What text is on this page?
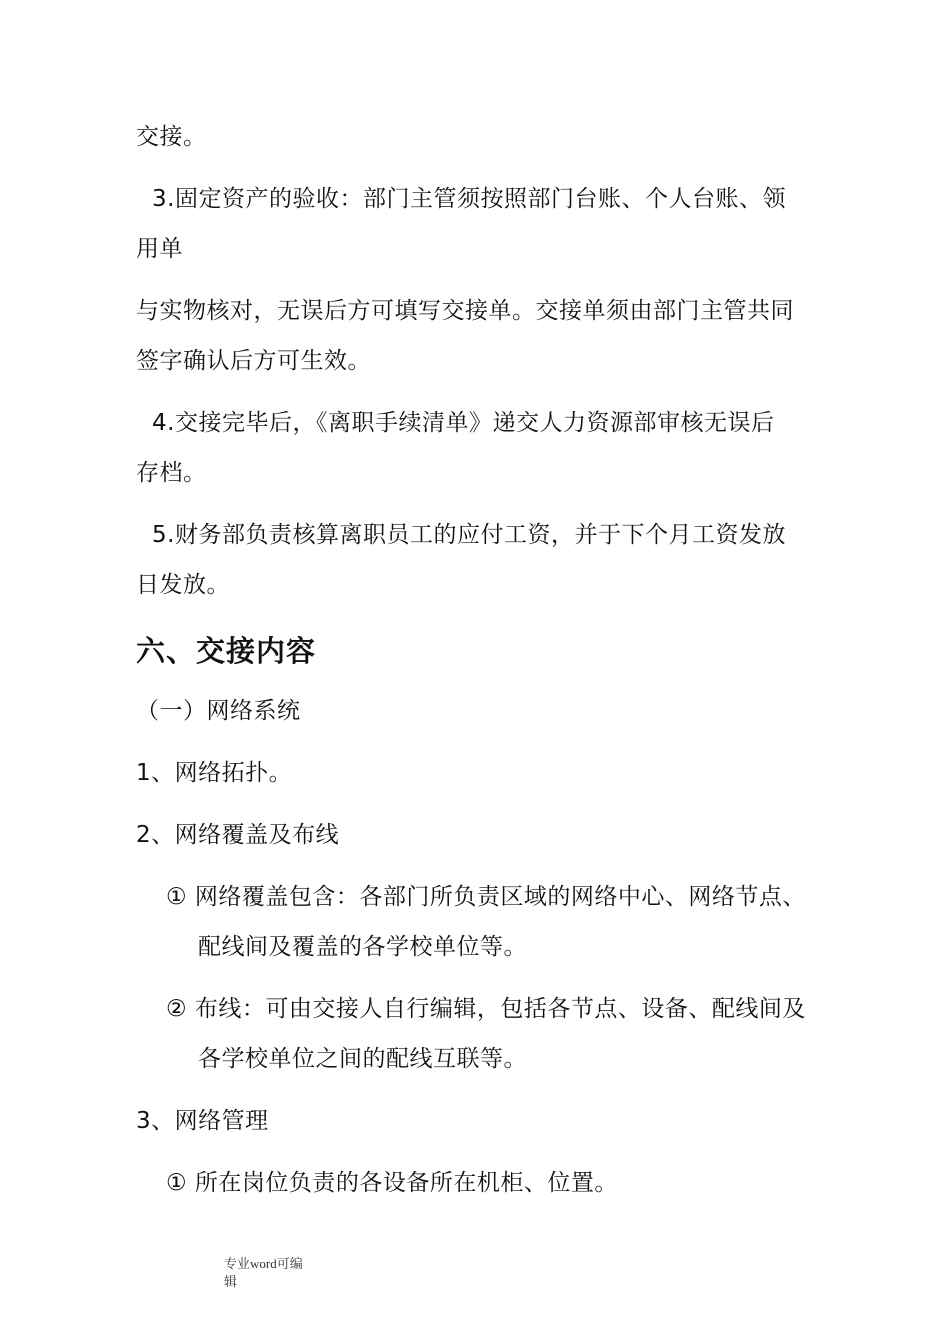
交接。
3.固定资产的验收：部门主管须按照部门台账、个人台账、领
用单
与实物核对，无误后方可填写交接单。交接单须由部门主管共同
签字确认后方可生效。
4.交接完毕后，《离职手续清单》递交人力资源部审核无误后
存档。
5.财务部负责核算离职员工的应付工资，并于下个月工资发放
日发放。
六、交接内容
（一）网络系统
1、网络拓扑。
2、网络覆盖及布线
① 网络覆盖包含：各部门所负责区域的网络中心、网络节点、
配线间及覆盖的各学校单位等。
② 布线：可由交接人自行编辑，包括各节点、设备、配线间及
各学校单位之间的配线互联等。
3、网络管理
① 所在岗位负责的各设备所在机柜、位置。
专业word可编
辑
